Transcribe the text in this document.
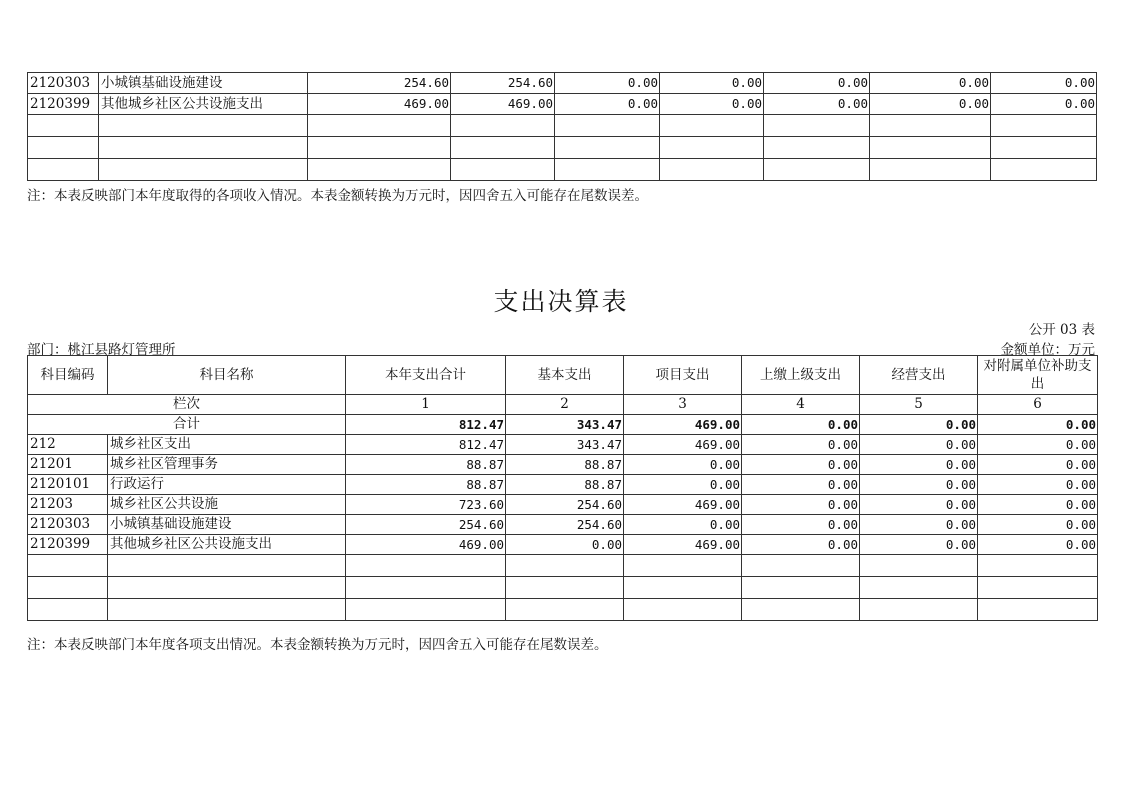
2120303	小城镇基础设施建设	254.60	254.60	0.00	0.00	0.00	0.00	0.00
2120399	其他城乡社区公共设施支出	469.00	469.00	0.00	0.00	0.00	0.00	0.00

注：本表反映部门本年度取得的各项收入情况。本表金额转换为万元时，因四舍五入可能存在尾数误差。
支出决算表
公开 03 表
部门：桃江县路灯管理所	金额单位：万元
科目编码	科目名称	本年支出合计	基本支出	项目支出	上缴上级支出	经营支出	对附属单位补助支出
栏次		1	2	3	4	5	6
合计		812.47	343.47	469.00	0.00	0.00	0.00
212	城乡社区支出	812.47	343.47	469.00	0.00	0.00	0.00
21201	城乡社区管理事务	88.87	88.87	0.00	0.00	0.00	0.00
2120101	行政运行	88.87	88.87	0.00	0.00	0.00	0.00
21203	城乡社区公共设施	723.60	254.60	469.00	0.00	0.00	0.00
2120303	小城镇基础设施建设	254.60	254.60	0.00	0.00	0.00	0.00
2120399	其他城乡社区公共设施支出	469.00	0.00	469.00	0.00	0.00	0.00

注：本表反映部门本年度各项支出情况。本表金额转换为万元时，因四舍五入可能存在尾数误差。
